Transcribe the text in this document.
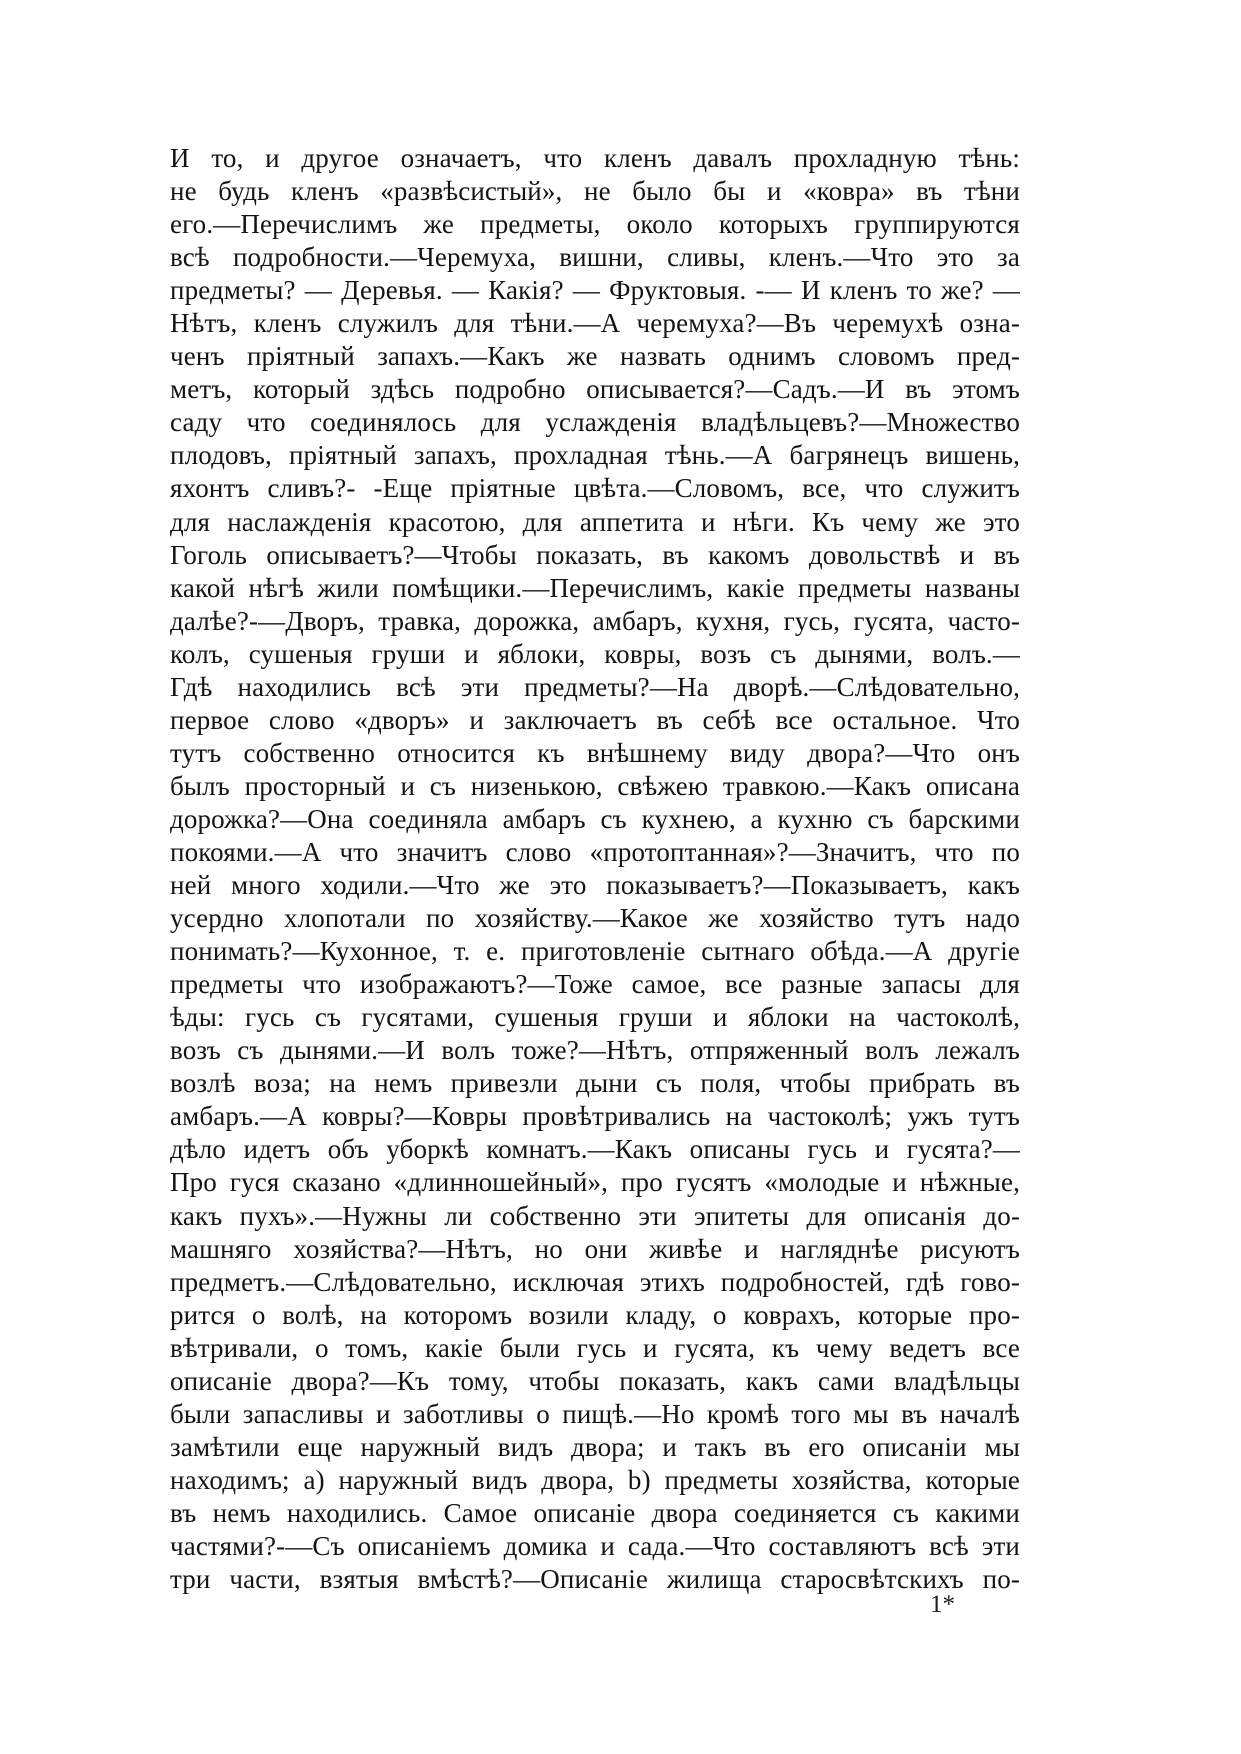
И то, и другое означаетъ, что кленъ давалъ прохладную тѣнь:
не будь кленъ «развѣсистый», не было бы и «ковра» въ тѣни
его.—Перечислимъ же предметы, около которыхъ группируются
всѣ подробности.—Черемуха, вишни, сливы, кленъ.—Что это за
предметы? — Деревья. — Какія? — Фруктовыя. -— И кленъ то же? —
Нѣтъ, кленъ служилъ для тѣни.—А черемуха?—Въ черемухѣ озна-
ченъ пріятный запахъ.—Какъ же назвать однимъ словомъ пред-
метъ, который здѣсь подробно описывается?—Садъ.—И въ этомъ
саду что соединялось для услажденія владѣльцевъ?—Множество
плодовъ, пріятный запахъ, прохладная тѣнь.—А багрянецъ вишень,
яхонтъ сливъ?- -Еще пріятные цвѣта.—Словомъ, все, что служитъ
для наслажденія красотою, для аппетита и нѣги. Къ чему же это
Гоголь описываетъ?—Чтобы показать, въ какомъ довольствѣ и въ
какой нѣгѣ жили помѣщики.—Перечислимъ, какіе предметы названы
далѣе?-—Дворъ, травка, дорожка, амбаръ, кухня, гусь, гусята, часто-
колъ, сушеныя груши и яблоки, ковры, возъ съ дынями, волъ.—
Гдѣ находились всѣ эти предметы?—На дворѣ.—Слѣдовательно,
первое слово «дворъ» и заключаетъ въ себѣ все остальное. Что
тутъ собственно относится къ внѣшнему виду двора?—Что онъ
былъ просторный и съ низенькою, свѣжею травкою.—Какъ описана
дорожка?—Она соединяла амбаръ съ кухнею, а кухню съ барскими
покоями.—А что значитъ слово «протоптанная»?—Значитъ, что по
ней много ходили.—Что же это показываетъ?—Показываетъ, какъ
усердно хлопотали по хозяйству.—Какое же хозяйство тутъ надо
понимать?—Кухонное, т. е. приготовленіе сытнаго обѣда.—А другіе
предметы что изображаютъ?—Тоже самое, все разные запасы для
ѣды: гусь съ гусятами, сушеныя груши и яблоки на частоколѣ,
возъ съ дынями.—И волъ тоже?—Нѣтъ, отпряженный волъ лежалъ
возлѣ воза; на немъ привезли дыни съ поля, чтобы прибрать въ
амбаръ.—А ковры?—Ковры провѣтривались на частоколѣ; ужъ тутъ
дѣло идетъ объ уборкѣ комнатъ.—Какъ описаны гусь и гусята?—
Про гуся сказано «длинношейный», про гусятъ «молодые и нѣжные,
какъ пухъ».—Нужны ли собственно эти эпитеты для описанія до-
машняго хозяйства?—Нѣтъ, но они живѣе и нагляднѣе рисуютъ
предметъ.—Слѣдовательно, исключая этихъ подробностей, гдѣ гово-
рится о волѣ, на которомъ возили кладу, о коврахъ, которые про-
вѣтривали, о томъ, какіе были гусь и гусята, къ чему ведетъ все
описаніе двора?—Къ тому, чтобы показать, какъ сами владѣльцы
были запасливы и заботливы о пищѣ.—Но кромѣ того мы въ началѣ
замѣтили еще наружный видъ двора; и такъ въ его описаніи мы
находимъ; а) наружный видъ двора, b) предметы хозяйства, которые
въ немъ находились. Самое описаніе двора соединяется съ какими
частями?-—Съ описаніемъ домика и сада.—Что составляютъ всѣ эти
три части, взятыя вмѣстѣ?—Описаніе жилища старосвѣтскихъ по-
1*
